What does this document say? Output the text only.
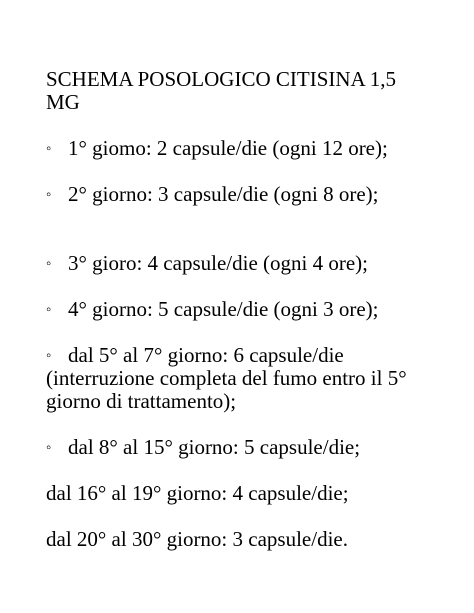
SCHEMA POSOLOGICO CITISINA 1,5
MG
◦ 1° giomo: 2 capsule/die (ogni 12 ore);
◦ 2° giorno: 3 capsule/die (ogni 8 ore);
◦ 3° gioro: 4 capsule/die (ogni 4 ore);
◦ 4° giorno: 5 capsule/die (ogni 3 ore);
◦ dal 5° al 7° giorno: 6 capsule/die
(interruzione completa del fumo entro il 5°
giorno di trattamento);
◦ dal 8° al 15° giorno: 5 capsule/die;
dal 16° al 19° giorno: 4 capsule/die;
dal 20° al 30° giorno: 3 capsule/die.
